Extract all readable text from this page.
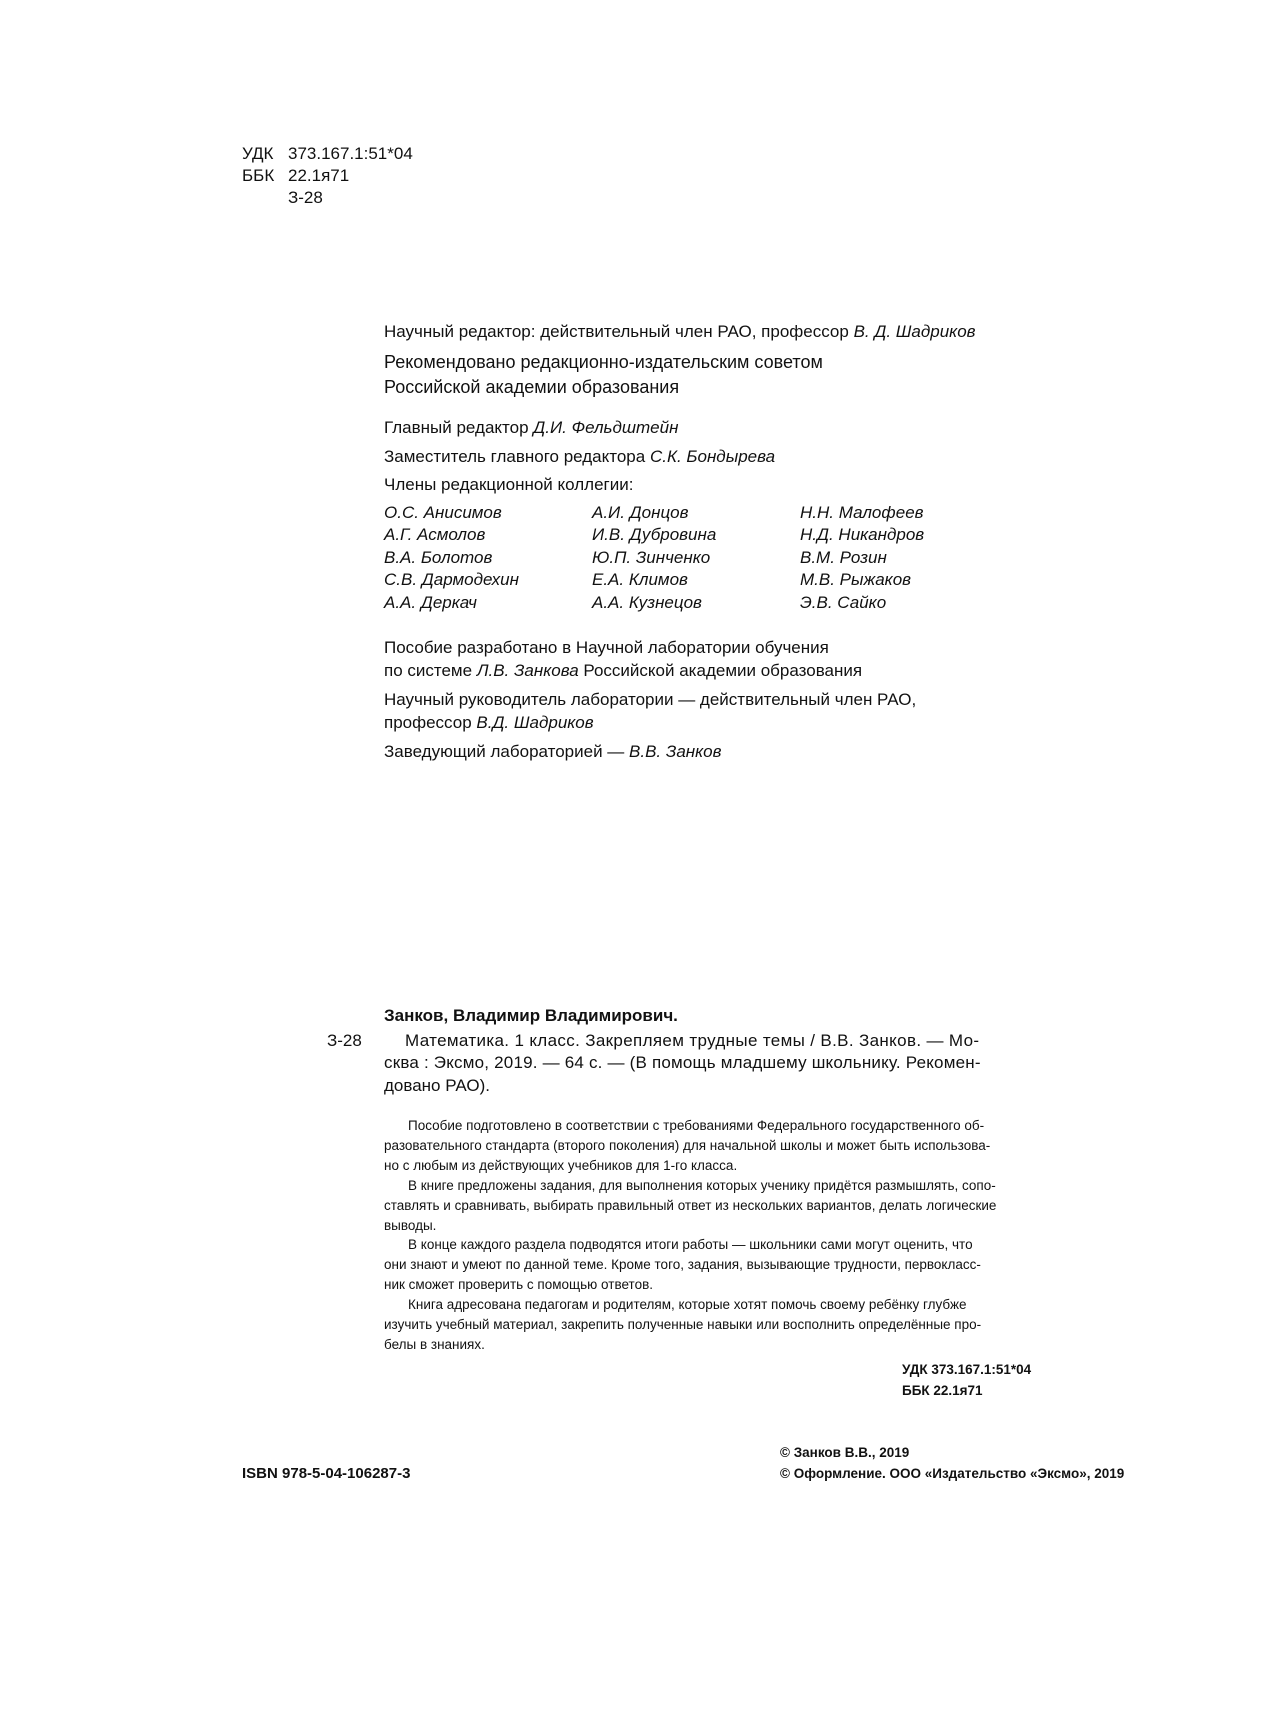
УДК 373.167.1:51*04
ББК 22.1я71
З-28
Научный редактор: действительный член РАО, профессор В. Д. Шадриков
Рекомендовано редакционно-издательским советом
Российской академии образования
Главный редактор Д.И. Фельдштейн
Заместитель главного редактора С.К. Бондырева
Члены редакционной коллегии:
О.С. Анисимов	А.И. Донцов	Н.Н. Малофеев
А.Г. Асмолов	И.В. Дубровина	Н.Д. Никандров
В.А. Болотов	Ю.П. Зинченко	В.М. Розин
С.В. Дармодехин	Е.А. Климов	М.В. Рыжаков
А.А. Деркач	А.А. Кузнецов	Э.В. Сайко
Пособие разработано в Научной лаборатории обучения
по системе Л.В. Занкова Российской академии образования
Научный руководитель лаборатории — действительный член РАО,
профессор В.Д. Шадриков
Заведующий лабораторией — В.В. Занков
Занков, Владимир Владимирович.
З-28	Математика. 1 класс. Закрепляем трудные темы / В.В. Занков. — Мо-
сква : Эксмо, 2019. — 64 с. — (В помощь младшему школьнику. Рекомен-
довано РАО).
Пособие подготовлено в соответствии с требованиями Федерального государственного об-
разовательного стандарта (второго поколения) для начальной школы и может быть использова-
но с любым из действующих учебников для 1-го класса.
В книге предложены задания, для выполнения которых ученику придётся размышлять, сопо-
ставлять и сравнивать, выбирать правильный ответ из нескольких вариантов, делать логические
выводы.
В конце каждого раздела подводятся итоги работы — школьники сами могут оценить, что
они знают и умеют по данной теме. Кроме того, задания, вызывающие трудности, первокласс-
ник сможет проверить с помощью ответов.
Книга адресована педагогам и родителям, которые хотят помочь своему ребёнку глубже
изучить учебный материал, закрепить полученные навыки или восполнить определённые про-
белы в знаниях.
УДК 373.167.1:51*04
ББК 22.1я71
ISBN 978-5-04-106287-3
© Занков В.В., 2019
© Оформление. ООО «Издательство «Эксмо», 2019
